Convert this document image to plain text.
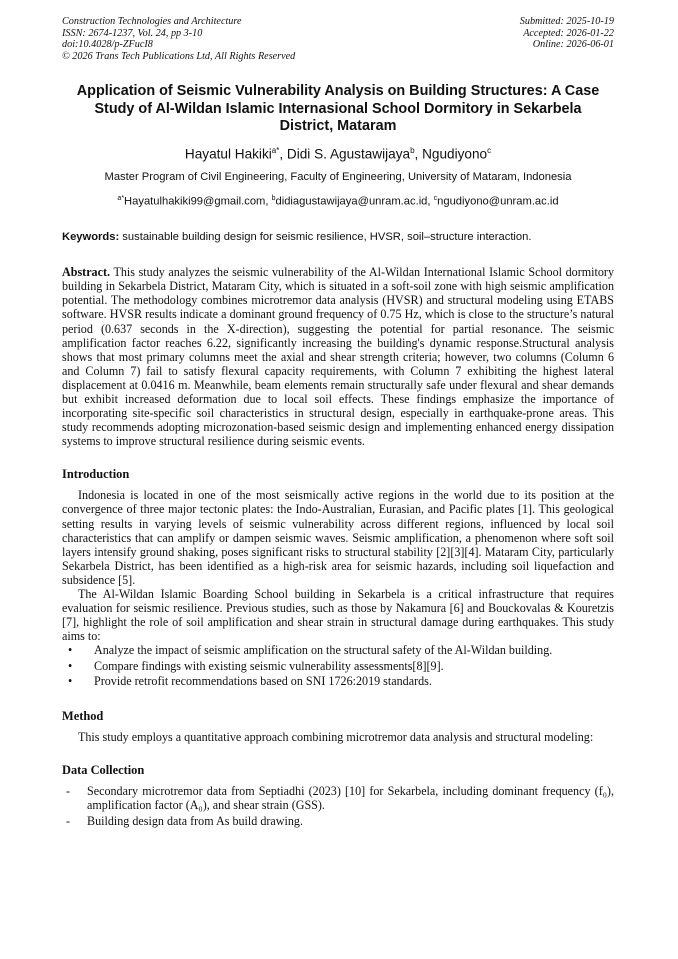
Construction Technologies and Architecture
ISSN: 2674-1237, Vol. 24, pp 3-10
doi:10.4028/p-ZFucI8
© 2026 Trans Tech Publications Ltd, All Rights Reserved
Submitted: 2025-10-19
Accepted: 2026-01-22
Online: 2026-06-01
Application of Seismic Vulnerability Analysis on Building Structures: A Case Study of Al-Wildan Islamic Internasional School Dormitory in Sekarbela District, Mataram
Hayatul Hakiki$^{a*}$, Didi S. Agustawijaya$^b$, Ngudiyono$^c$
Master Program of Civil Engineering, Faculty of Engineering, University of Mataram, Indonesia
$^{a*}$Hayatulhakiki99@gmail.com, $^b$didiagustawijaya@unram.ac.id, $^c$ngudiyono@unram.ac.id
Keywords: sustainable building design for seismic resilience, HVSR, soil–structure interaction.
Abstract. This study analyzes the seismic vulnerability of the Al-Wildan International Islamic School dormitory building in Sekarbela District, Mataram City, which is situated in a soft-soil zone with high seismic amplification potential. The methodology combines microtremor data analysis (HVSR) and structural modeling using ETABS software. HVSR results indicate a dominant ground frequency of 0.75 Hz, which is close to the structure’s natural period (0.637 seconds in the X-direction), suggesting the potential for partial resonance. The seismic amplification factor reaches 6.22, significantly increasing the building's dynamic response.Structural analysis shows that most primary columns meet the axial and shear strength criteria; however, two columns (Column 6 and Column 7) fail to satisfy flexural capacity requirements, with Column 7 exhibiting the highest lateral displacement at 0.0416 m. Meanwhile, beam elements remain structurally safe under flexural and shear demands but exhibit increased deformation due to local soil effects. These findings emphasize the importance of incorporating site-specific soil characteristics in structural design, especially in earthquake-prone areas. This study recommends adopting microzonation-based seismic design and implementing enhanced energy dissipation systems to improve structural resilience during seismic events.
Introduction

Indonesia is located in one of the most seismically active regions in the world due to its position at the convergence of three major tectonic plates: the Indo-Australian, Eurasian, and Pacific plates [1]. This geological setting results in varying levels of seismic vulnerability across different regions, influenced by local soil characteristics that can amplify or dampen seismic waves. Seismic amplification, a phenomenon where soft soil layers intensify ground shaking, poses significant risks to structural stability [2][3][4]. Mataram City, particularly Sekarbela District, has been identified as a high-risk area for seismic hazards, including soil liquefaction and subsidence [5].

The Al-Wildan Islamic Boarding School building in Sekarbela is a critical infrastructure that requires evaluation for seismic resilience. Previous studies, such as those by Nakamura [6] and Bouckovalas & Kouretzis [7], highlight the role of soil amplification and shear strain in structural damage during earthquakes. This study aims to:

• Analyze the impact of seismic amplification on the structural safety of the Al-Wildan building.
• Compare findings with existing seismic vulnerability assessments[8][9].
• Provide retrofit recommendations based on SNI 1726:2019 standards.
Method

This study employs a quantitative approach combining microtremor data analysis and structural modeling:

Data Collection
- Secondary microtremor data from Septiadhi (2023) [10] for Sekarbela, including dominant frequency (f₀), amplification factor (A₀), and shear strain (GSS).
- Building design data from As build drawing.
